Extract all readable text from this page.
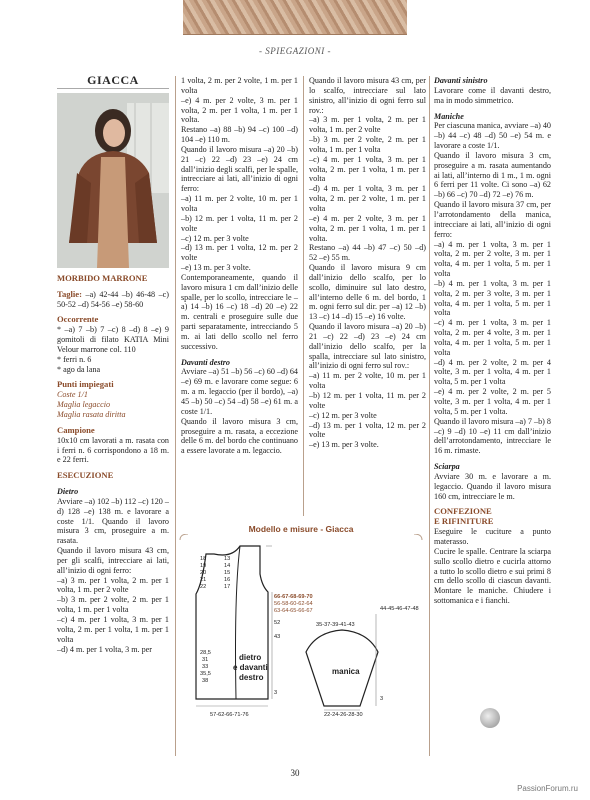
- SPIEGAZIONI -
GIACCA

MORBIDO MARRONE

Taglie: –a) 42-44 –b) 46-48 –c) 50-52 –d) 54-56 –e) 58-60

Occorrente

* –a) 7 –b) 7 –c) 8 –d) 8 –e) 9 gomitoli di filato KATIA Mini Velour marrone col. 110

* ferri n. 6

* ago da lana

Punti impiegati

Coste 1/1

Maglia legaccio

Maglia rasata diritta

Campione

10x10 cm lavorati a m. rasata con i ferri n. 6 corrispondono a 18 m. e 22 ferri.

ESECUZIONE

Dietro

Avviare –a) 102 –b) 112 –c) 120 –d) 128 –e) 138 m. e lavorare a coste 1/1. Quando il lavoro misura 3 cm, proseguire a m. rasata.

Quando il lavoro misura 43 cm, per gli scalfi, intrecciare ai lati, all’inizio di ogni ferro:

–a) 3 m. per 1 volta, 2 m. per 1 volta, 1 m. per 2 volte

–b) 3 m. per 2 volte, 2 m. per 1 volta, 1 m. per 1 volta

–c) 4 m. per 1 volta, 3 m. per 1 volta, 2 m. per 1 volta, 1 m. per 1 volta

–d) 4 m. per 1 volta, 3 m. per

1 volta, 2 m. per 2 volte, 1 m. per 1 volta

–e) 4 m. per 2 volte, 3 m. per 1 volta, 2 m. per 1 volta, 1 m. per 1 volta.

Restano –a) 88 –b) 94 –c) 100 –d) 104 –e) 110 m.

Quando il lavoro misura –a) 20 –b) 21 –c) 22 –d) 23 –e) 24 cm dall’inizio degli scalfi, per le spalle, intrecciare ai lati, all’inizio di ogni ferro:

–a) 11 m. per 2 volte, 10 m. per 1 volta

–b) 12 m. per 1 volta, 11 m. per 2 volte

–c) 12 m. per 3 volte

–d) 13 m. per 1 volta, 12 m. per 2 volte

–e) 13 m. per 3 volte.

Contemporaneamente, quando il lavoro misura 1 cm dall’inizio delle spalle, per lo scollo, intrecciare le –a) 14 –b) 16 –c) 18 –d) 20 –e) 22 m. centrali e proseguire sulle due parti separatamente, intrecciando 5 m. ai lati dello scollo nel ferro successivo.

Davanti destro

Avviare –a) 51 –b) 56 –c) 60 –d) 64 –e) 69 m. e lavorare come segue: 6 m. a m. legaccio (per il bordo), –a) 45 –b) 50 –c) 54 –d) 58 –e) 61 m. a coste 1/1.

Quando il lavoro misura 3 cm, proseguire a m. rasata, a eccezione delle 6 m. del bordo che continuano a essere lavorate a m. legaccio.

Quando il lavoro misura 43 cm, per lo scalfo, intrecciare sul lato sinistro, all’inizio di ogni ferro sul rov.:

–a) 3 m. per 1 volta, 2 m. per 1 volta, 1 m. per 2 volte

–b) 3 m. per 2 volte, 2 m. per 1 volta, 1 m. per 1 volta

–c) 4 m. per 1 volta, 3 m. per 1 volta, 2 m. per 1 volta, 1 m. per 1 volta

–d) 4 m. per 1 volta, 3 m. per 1 volta, 2 m. per 2 volte, 1 m. per 1 volta

–e) 4 m. per 2 volte, 3 m. per 1 volta, 2 m. per 1 volta, 1 m. per 1 volta.

Restano –a) 44 –b) 47 –c) 50 –d) 52 –e) 55 m.

Quando il lavoro misura 9 cm dall’inizio dello scalfo, per lo scollo, diminuire sul lato destro, all’interno delle 6 m. del bordo, 1 m. ogni ferro sul dir. per –a) 12 –b) 13 –c) 14 –d) 15 –e) 16 volte.

Quando il lavoro misura –a) 20 –b) 21 –c) 22 –d) 23 –e) 24 cm dall’inizio dello scalfo, per la spalla, intrecciare sul lato sinistro, all’inizio di ogni ferro sul rov.:

–a) 11 m. per 2 volte, 10 m. per 1 volta

–b) 12 m. per 1 volta, 11 m. per 2 volte

–c) 12 m. per 3 volte

–d) 13 m. per 1 volta, 12 m. per 2 volte

–e) 13 m. per 3 volte.

Davanti sinistro

Lavorare come il davanti destro, ma in modo simmetrico.

Maniche

Per ciascuna manica, avviare –a) 40 –b) 44 –c) 48 –d) 50 –e) 54 m. e lavorare a coste 1/1.

Quando il lavoro misura 3 cm, proseguire a m. rasata aumentando ai lati, all’interno di 1 m., 1 m. ogni 6 ferri per 11 volte. Ci sono –a) 62 –b) 66 –c) 70 –d) 72 –e) 76 m.

Quando il lavoro misura 37 cm, per l’arrotondamento della manica, intrecciare ai lati, all’inizio di ogni ferro:

–a) 4 m. per 1 volta, 3 m. per 1 volta, 2 m. per 2 volte, 3 m. per 1 volta, 4 m. per 1 volta, 5 m. per 1 volta

–b) 4 m. per 1 volta, 3 m. per 1 volta, 2 m. per 3 volte, 3 m. per 1 volta, 4 m. per 1 volta, 5 m. per 1 volta

–c) 4 m. per 1 volta, 3 m. per 1 volta, 2 m. per 4 volte, 3 m. per 1 volta, 4 m. per 1 volta, 5 m. per 1 volta

–d) 4 m. per 2 volte, 2 m. per 4 volte, 3 m. per 1 volta, 4 m. per 1 volta, 5 m. per 1 volta

–e) 4 m. per 2 volte, 2 m. per 5 volte, 3 m. per 1 volta, 4 m. per 1 volta, 5 m. per 1 volta.

Quando il lavoro misura –a) 7 –b) 8 –c) 9 –d) 10 –e) 11 cm dall’inizio dell’arrotondamento, intrecciare le 16 m. rimaste.

Sciarpa

Avviare 30 m. e lavorare a m. legaccio. Quando il lavoro misura 160 cm, intrecciare le m.

CONFEZIONE

E RIFINITURE

Eseguire le cuciture a punto materasso.

Cucire le spalle. Centrare la sciarpa sullo scollo dietro e cucirla attorno a tutto lo scollo dietro e sui primi 8 cm dello scollo di ciascun davanti. Montare le maniche. Chiudere i sottomanica e i fianchi.

Modello e misure - Giacca
18
19
20
21
22
13
14
15
16
17
66-67-68-69-70
56-58-60-62-64
63-64-65-66-67
52
43
3
28,5
31
33
35,5
38
57-62-66-71-76
dietro
e davanti
destro
manica
35-37-39-41-43
44-45-46-47-48
3
22-24-26-28-30
30
PassionForum.ru
